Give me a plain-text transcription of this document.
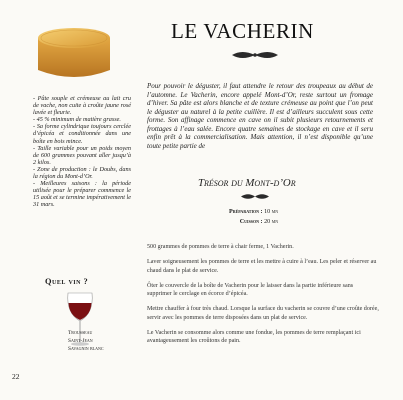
- Pâte souple et crémeuse au lait cru de vache, non cuite à croûte jaune rosé lavée et fleurie.

- 45 % minimum de matière grasse.

- Sa forme cylindrique toujours cerclée d’épicéa et conditionnée dans une boîte en bois mince.

- Taille variable pour un poids moyen de 600 grammes pouvant aller jusqu’à 2 kilos.

- Zone de production : le Doubs, dans la région du Mont-d’Or.

- Meilleures saisons : la période utilisée pour le préparer commence le 15 août et se termine impérativement le 31 mars.

Quel vin ?
Trousseau
Saint-Jean
Savagnin blanc
22
LE VACHERIN

Pour pouvoir le déguster, il faut attendre le retour des troupeaux au début de l’automne. Le Vacherin, encore appelé Mont-d’Or, reste surtout un fromage d’hiver. Sa pâte est alors blanche et de texture crémeuse au point que l’on peut le déguster au naturel à la petite cuillère. Il est d’ailleurs succulent sous cette forme. Son affinage commence en cave on il subit plusieurs retournements et frottages à l’eau salée. Encore quatre semaines de stockage en cave et il seru enfin prêt à la commercialisation. Mais attention, il n’est disponible qu’une toute petite partie de

Trésor du Mont-d’Or
Préparation : 10 mn
Cuisson : 20 mn

500 grammes de pommes de terre à chair ferme, 1 Vacherin.

Laver soigneusement les pommes de terre et les mettre à cuire à l’eau. Les peler et réserver au chaud dans le plat de service.

Ôter le couvercle de la boîte de Vacherin pour le laisser dans la partie inférieure sans supprimer le cerclage en écorce d’épicéa.

Mettre chauffer à four très chaud. Lorsque la surface du vacherin se couvre d’une croûte dorée, servir avec les pommes de terre disposées dans un plat de service.

Le Vacherin se consomme alors comme une fondue, les pommes de terre remplaçant ici avantageusement les croûtons de pain.
